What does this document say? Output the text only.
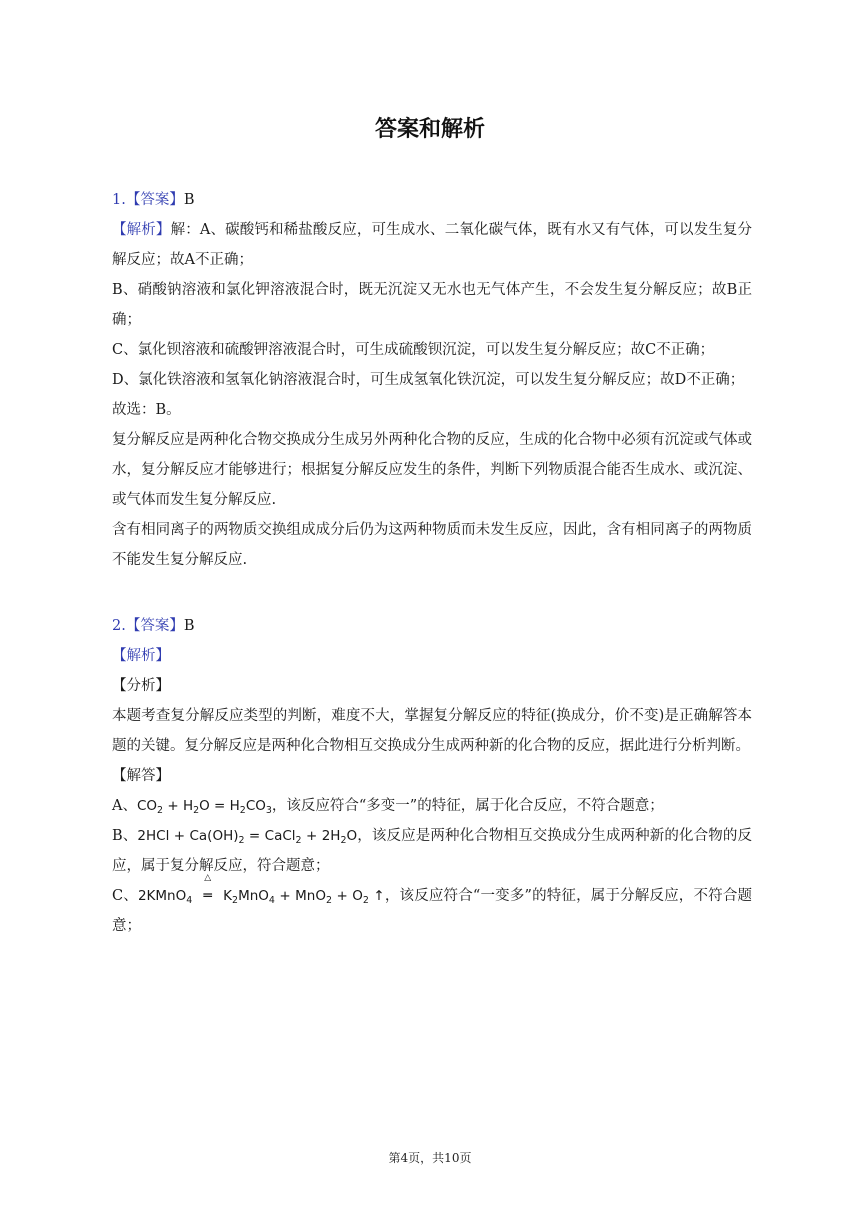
答案和解析

1.【答案】B

【解析】解：A、碳酸钙和稀盐酸反应，可生成水、二氧化碳气体，既有水又有气体，可以发生复分解反应；故A不正确；

B、硝酸钠溶液和氯化钾溶液混合时，既无沉淀又无水也无气体产生，不会发生复分解反应；故B正确；

C、氯化钡溶液和硫酸钾溶液混合时，可生成硫酸钡沉淀，可以发生复分解反应；故C不正确；

D、氯化铁溶液和氢氧化钠溶液混合时，可生成氢氧化铁沉淀，可以发生复分解反应；故D不正确；

故选：B。

复分解反应是两种化合物交换成分生成另外两种化合物的反应，生成的化合物中必须有沉淀或气体或水，复分解反应才能够进行；根据复分解反应发生的条件，判断下列物质混合能否生成水、或沉淀、或气体而发生复分解反应.

含有相同离子的两物质交换组成成分后仍为这两种物质而未发生反应，因此，含有相同离子的两物质不能发生复分解反应.

2.【答案】B

【解析】

【分析】

本题考查复分解反应类型的判断，难度不大，掌握复分解反应的特征(换成分，价不变)是正确解答本题的关键。复分解反应是两种化合物相互交换成分生成两种新的化合物的反应，据此进行分析判断。

【解答】

A、$CO_2 + H_2O = H_2CO_3$，该反应符合“多变一”的特征，属于化合反应，不符合题意；

B、$2HCl + Ca(OH)_2$ = CaCl$_2$ + $2H_2O$，该反应是两种化合物相互交换成分生成两种新的化合物的反应，属于复分解反应，符合题意；

C、2KMnO$_4$
△
═ $K_2MnO_4 + MnO_2 + O_2$ ↑，该反应符合“一变多”的特征，属于分解反应，不符合题意；

第4页，共10页
